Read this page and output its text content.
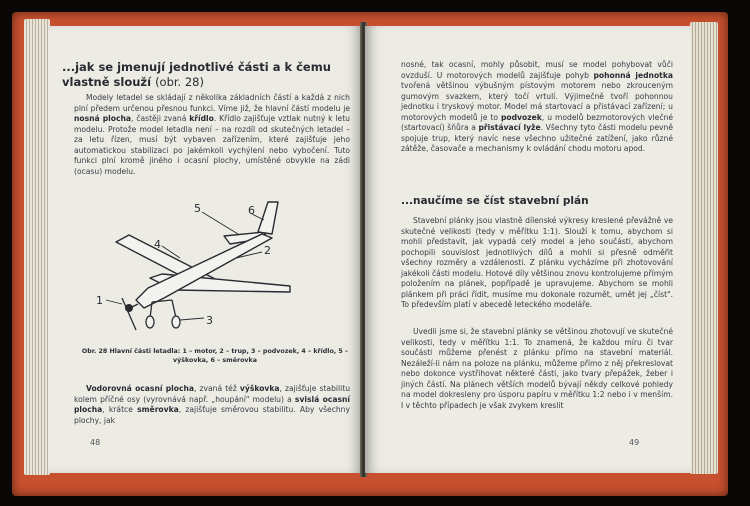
...jak se jmenují jednotlivé části a k čemu vlastně slouží (obr. 28)

Modely letadel se skládají z několika základních částí a každá z nich plní předem určenou přesnou funkci. Víme již, že hlavní částí modelu je nosná plocha, častěji zvaná křídlo. Křídlo zajišťuje vztlak nutný k letu modelu. Protože model letadla není – na rozdíl od skutečných letadel – za letu řízen, musí být vybaven zařízením, které zajišťuje jeho automatickou stabilizaci po jakémkoli vychýlení nebo vybočení. Tuto funkci plní kromě jiného i ocasní plochy, umístěné obvykle na zádi (ocasu) modelu.

Obr. 28 Hlavní části letadla: 1 – motor, 2 – trup, 3 – podvozek, 4 – křídlo, 5 – výškovka, 6 – směrovka

Vodorovná ocasní plocha, zvaná též výškovka, zajišťuje stabilitu kolem příčné osy (vyrovnává např. „houpání" modelu) a svislá ocasní plocha, krátce směrovka, zajišťuje směrovou stabilitu. Aby všechny plochy, jak

48
1
2
3
4
5	6

nosné, tak ocasní, mohly působit, musí se model pohybovat vůči ovzduší. U motorových modelů zajišťuje pohyb pohonná jednotka tvořená většinou výbušným pístovým motorem nebo zkrouceným gumovým svazkem, který točí vrtulí. Výjimečně tvoří pohonnou jednotku i tryskový motor. Model má startovací a přistávací zařízení; u motorových modelů je to podvozek, u modelů bezmotorových vlečné (startovací) šňůra a přistávací lyže. Všechny tyto části modelu pevně spojuje trup, který navíc nese všechno užitečné zatížení, jako různé zátěže, časovače a mechanismy k ovládání chodu motoru apod.

...naučíme se číst stavební plán

Stavební plánky jsou vlastně dílenské výkresy kreslené převážně ve skutečné velikosti (tedy v měřítku 1:1). Slouží k tomu, abychom si mohli představit, jak vypadá celý model a jeho součásti, abychom pochopili souvislost jednotlivých dílů a mohli si přesně odměřit všechny rozměry a vzdálenosti. Z plánku vycházíme při zhotovování jakékoli části modelu. Hotové díly většinou znovu kontrolujeme přímým položením na plánek, popřípadě je upravujeme. Abychom se mohli plánkem při práci řídit, musíme mu dokonale rozumět, umět jej „číst". To především platí v abecedě leteckého modeláře.

Uvedli jsme si, že stavební plánky se většinou zhotovují ve skutečné velikosti, tedy v měřítku 1:1. To znamená, že každou míru či tvar součásti můžeme přenést z plánku přímo na stavební materiál. Nezáleží-li nám na poloze na plánku, můžeme přímo z něj překreslovat nebo dokonce vystřihovat některé části, jako tvary přepážek, žeber i jiných částí. Na plánech větších modelů bývají někdy celkové pohledy na model dokresleny pro úsporu papíru v měřítku 1:2 nebo i v menším. I v těchto případech je však zvykem kreslit

49
